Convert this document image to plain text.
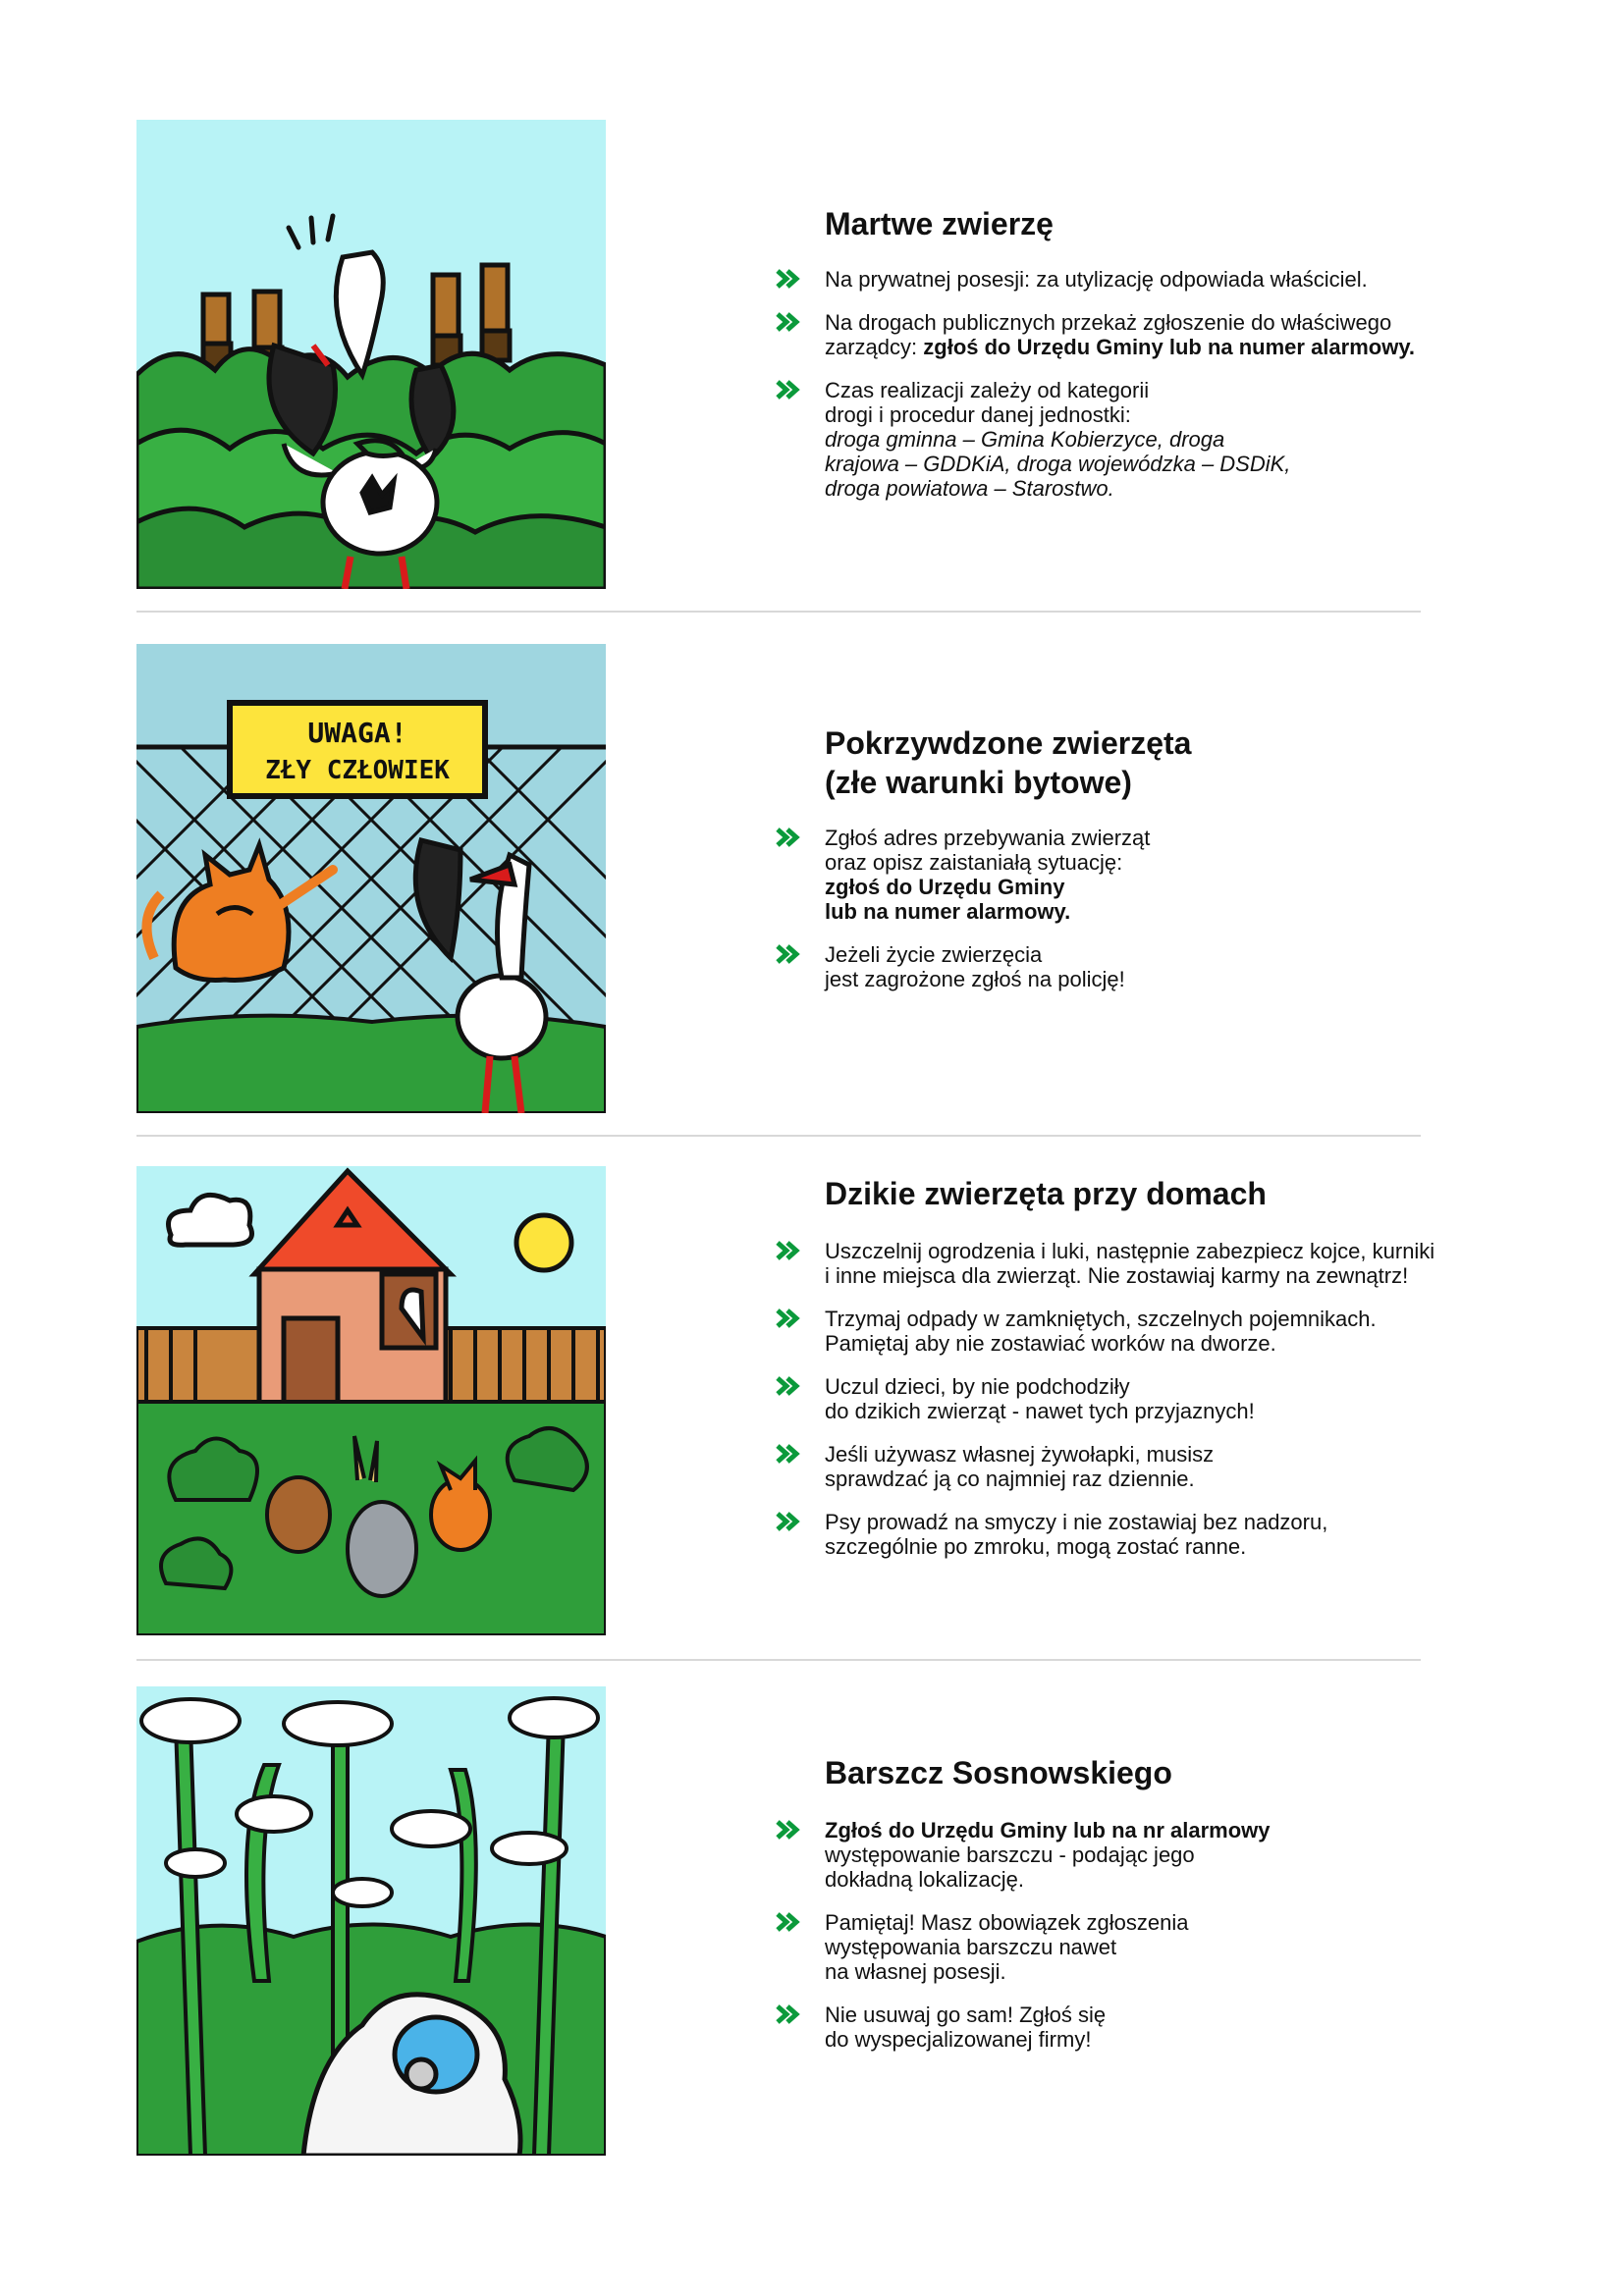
Martwe zwierzę
Na prywatnej posesji: za utylizację odpowiada właściciel.
Na drogach publicznych przekaż zgłoszenie do właściwego
zarządcy: zgłoś do Urzędu Gminy lub na numer alarmowy.
Czas realizacji zależy od kategorii
drogi i procedur danej jednostki:
droga gminna – Gmina Kobierzyce, droga
krajowa – GDDKiA, droga wojewódzka – DSDiK,
droga powiatowa – Starostwo.
UWAGA!
ZŁY CZŁOWIEK
Pokrzywdzone zwierzęta
(złe warunki bytowe)
Zgłoś adres przebywania zwierząt
oraz opisz zaistaniałą sytuację:
zgłoś do Urzędu Gminy
lub na numer alarmowy.
Jeżeli życie zwierzęcia
jest zagrożone zgłoś na policję!
Dzikie zwierzęta przy domach
Uszczelnij ogrodzenia i luki, następnie zabezpiecz kojce, kurniki
i inne miejsca dla zwierząt. Nie zostawiaj karmy na zewnątrz!
Trzymaj odpady w zamkniętych, szczelnych pojemnikach.
Pamiętaj aby nie zostawiać worków na dworze.
Uczul dzieci, by nie podchodziły
do dzikich zwierząt - nawet tych przyjaznych!
Jeśli używasz własnej żywołapki, musisz
sprawdzać ją co najmniej raz dziennie.
Psy prowadź na smyczy i nie zostawiaj bez nadzoru,
szczególnie po zmroku, mogą zostać ranne.
Barszcz Sosnowskiego
Zgłoś do Urzędu Gminy lub na nr alarmowy
występowanie barszczu - podając jego
dokładną lokalizację.
Pamiętaj! Masz obowiązek zgłoszenia
występowania barszczu nawet
na własnej posesji.
Nie usuwaj go sam! Zgłoś się
do wyspecjalizowanej firmy!
